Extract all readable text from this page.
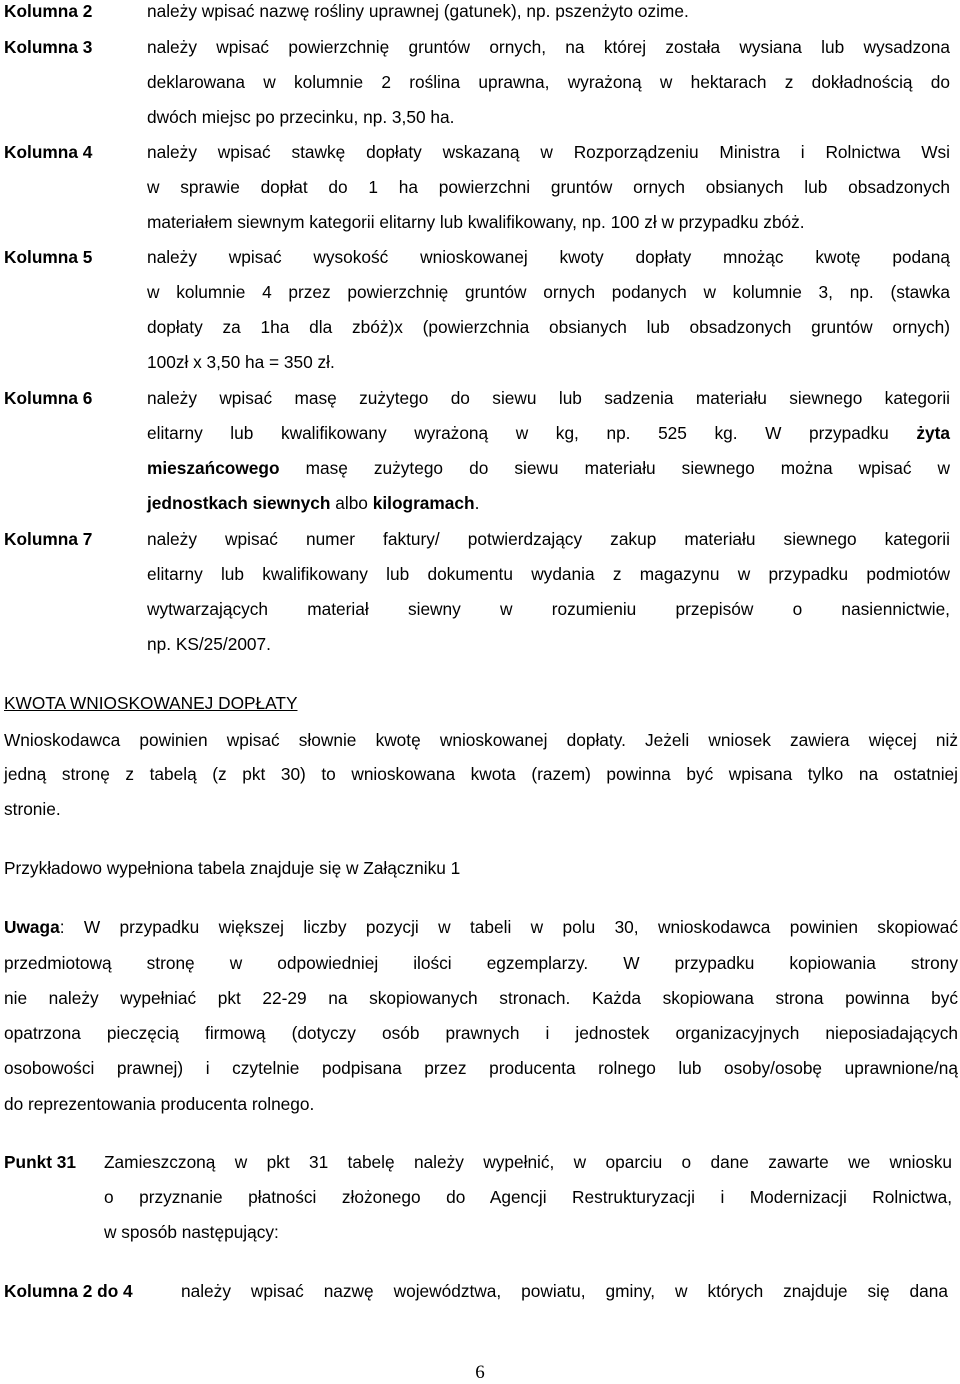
Kolumna 2	należy wpisać nazwę rośliny uprawnej (gatunek), np. pszenżyto ozime.
Kolumna 3	należy wpisać powierzchnię gruntów ornych, na której została wysiana lub wysadzona
deklarowana w kolumnie 2 roślina uprawna, wyrażoną w hektarach z dokładnością do
dwóch miejsc po przecinku, np. 3,50 ha.
Kolumna 4	należy wpisać stawkę dopłaty wskazaną w Rozporządzeniu Ministra i Rolnictwa Wsi
w sprawie dopłat do 1 ha powierzchni gruntów ornych obsianych lub obsadzonych
materiałem siewnym kategorii elitarny lub kwalifikowany, np. 100 zł w przypadku zbóż.
Kolumna 5	należy wpisać wysokość wnioskowanej kwoty dopłaty mnożąc kwotę podaną
w kolumnie 4 przez powierzchnię gruntów ornych podanych w kolumnie 3, np. (stawka
dopłaty za 1ha dla zbóż)x (powierzchnia obsianych lub obsadzonych gruntów ornych)
100zł x 3,50 ha = 350 zł.
Kolumna 6	należy wpisać masę zużytego do siewu lub sadzenia materiału siewnego kategorii
elitarny lub kwalifikowany wyrażoną w kg, np. 525 kg. W przypadku żyta
mieszańcowego masę zużytego do siewu materiału siewnego można wpisać w
jednostkach siewnych albo kilogramach.
Kolumna 7	należy wpisać numer faktury/ potwierdzający zakup materiału siewnego kategorii
elitarny lub kwalifikowany lub dokumentu wydania z magazynu w przypadku podmiotów
wytwarzających materiał siewny w rozumieniu przepisów o nasiennictwie,
np. KS/25/2007.
KWOTA WNIOSKOWANEJ DOPŁATY
Wnioskodawca powinien wpisać słownie kwotę wnioskowanej dopłaty. Jeżeli wniosek zawiera więcej niż
jedną stronę z tabelą (z pkt 30) to wnioskowana kwota (razem) powinna być wpisana tylko na ostatniej
stronie.
Przykładowo wypełniona tabela znajduje się w Załączniku 1
Uwaga: W przypadku większej liczby pozycji w tabeli w polu 30, wnioskodawca powinien skopiować
przedmiotową stronę w odpowiedniej ilości egzemplarzy. W przypadku kopiowania strony
nie należy wypełniać pkt 22-29 na skopiowanych stronach. Każda skopiowana strona powinna być
opatrzona pieczęcią firmową (dotyczy osób prawnych i jednostek organizacyjnych nieposiadających
osobowości prawnej) i czytelnie podpisana przez producenta rolnego lub osoby/osobę uprawnione/ną
do reprezentowania producenta rolnego.
Punkt 31 Zamieszczoną w pkt 31 tabelę należy wypełnić, w oparciu o dane zawarte we wniosku
o przyznanie płatności złożonego do Agencji Restrukturyzacji i Modernizacji Rolnictwa,
w sposób następujący:
Kolumna 2 do 4	należy wpisać nazwę województwa, powiatu, gminy, w których znajduje się dana
6
